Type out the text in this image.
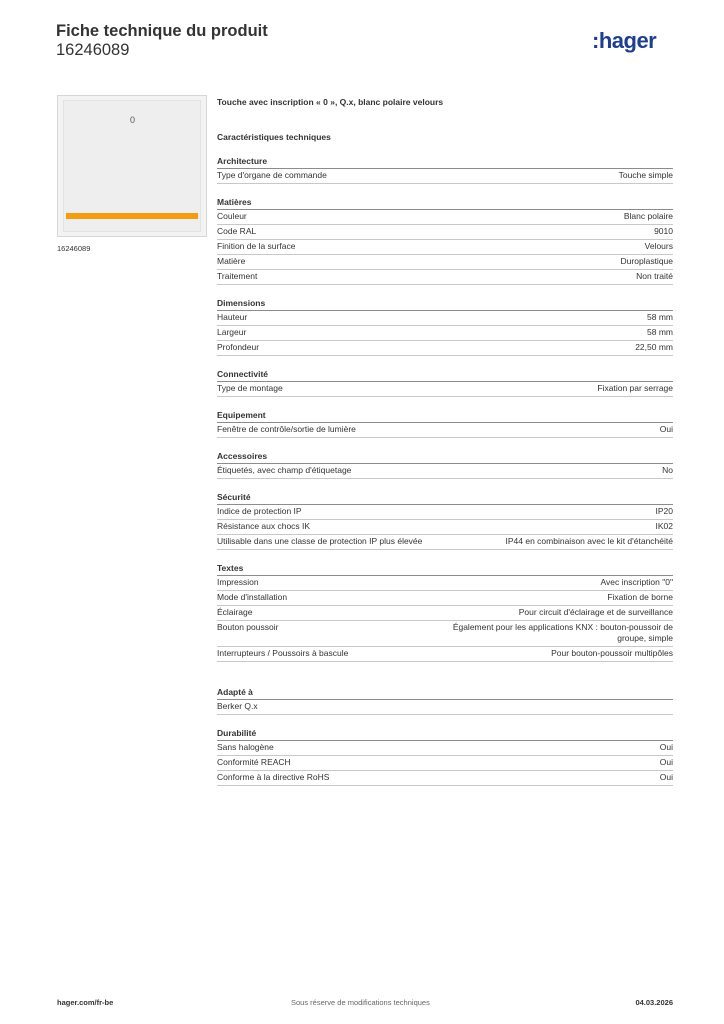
Fiche technique du produit
16246089	:hager
0
16246089
Touche avec inscription « 0 », Q.x, blanc polaire velours
Caractéristiques techniques
Architecture
Type d'organe de commande	Touche simple
Matières
Couleur	Blanc polaire
Code RAL	9010
Finition de la surface	Velours
Matière	Duroplastique
Traitement	Non traité
Dimensions
Hauteur	58 mm
Largeur	58 mm
Profondeur	22,50 mm
Connectivité
Type de montage	Fixation par serrage
Equipement
Fenêtre de contrôle/sortie de lumière	Oui
Accessoires
Étiquetés, avec champ d'étiquetage	No
Sécurité
Indice de protection IP	IP20
Résistance aux chocs IK	IK02
Utilisable dans une classe de protection IP plus élevée	IP44 en combinaison avec le kit d'étanchéité
Textes
Impression	Avec inscription "0"
Mode d'installation	Fixation de borne
Éclairage	Pour circuit d'éclairage et de surveillance
Bouton poussoir	Également pour les applications KNX : bouton-poussoir de groupe, simple
Interrupteurs / Poussoirs à bascule	Pour bouton-poussoir multipôles
Adapté à
Berker Q.x
Durabilité
Sans halogène	Oui
Conformité REACH	Oui
Conforme à la directive RoHS	Oui
hager.com/fr-be	Sous réserve de modifications techniques	04.03.2026
